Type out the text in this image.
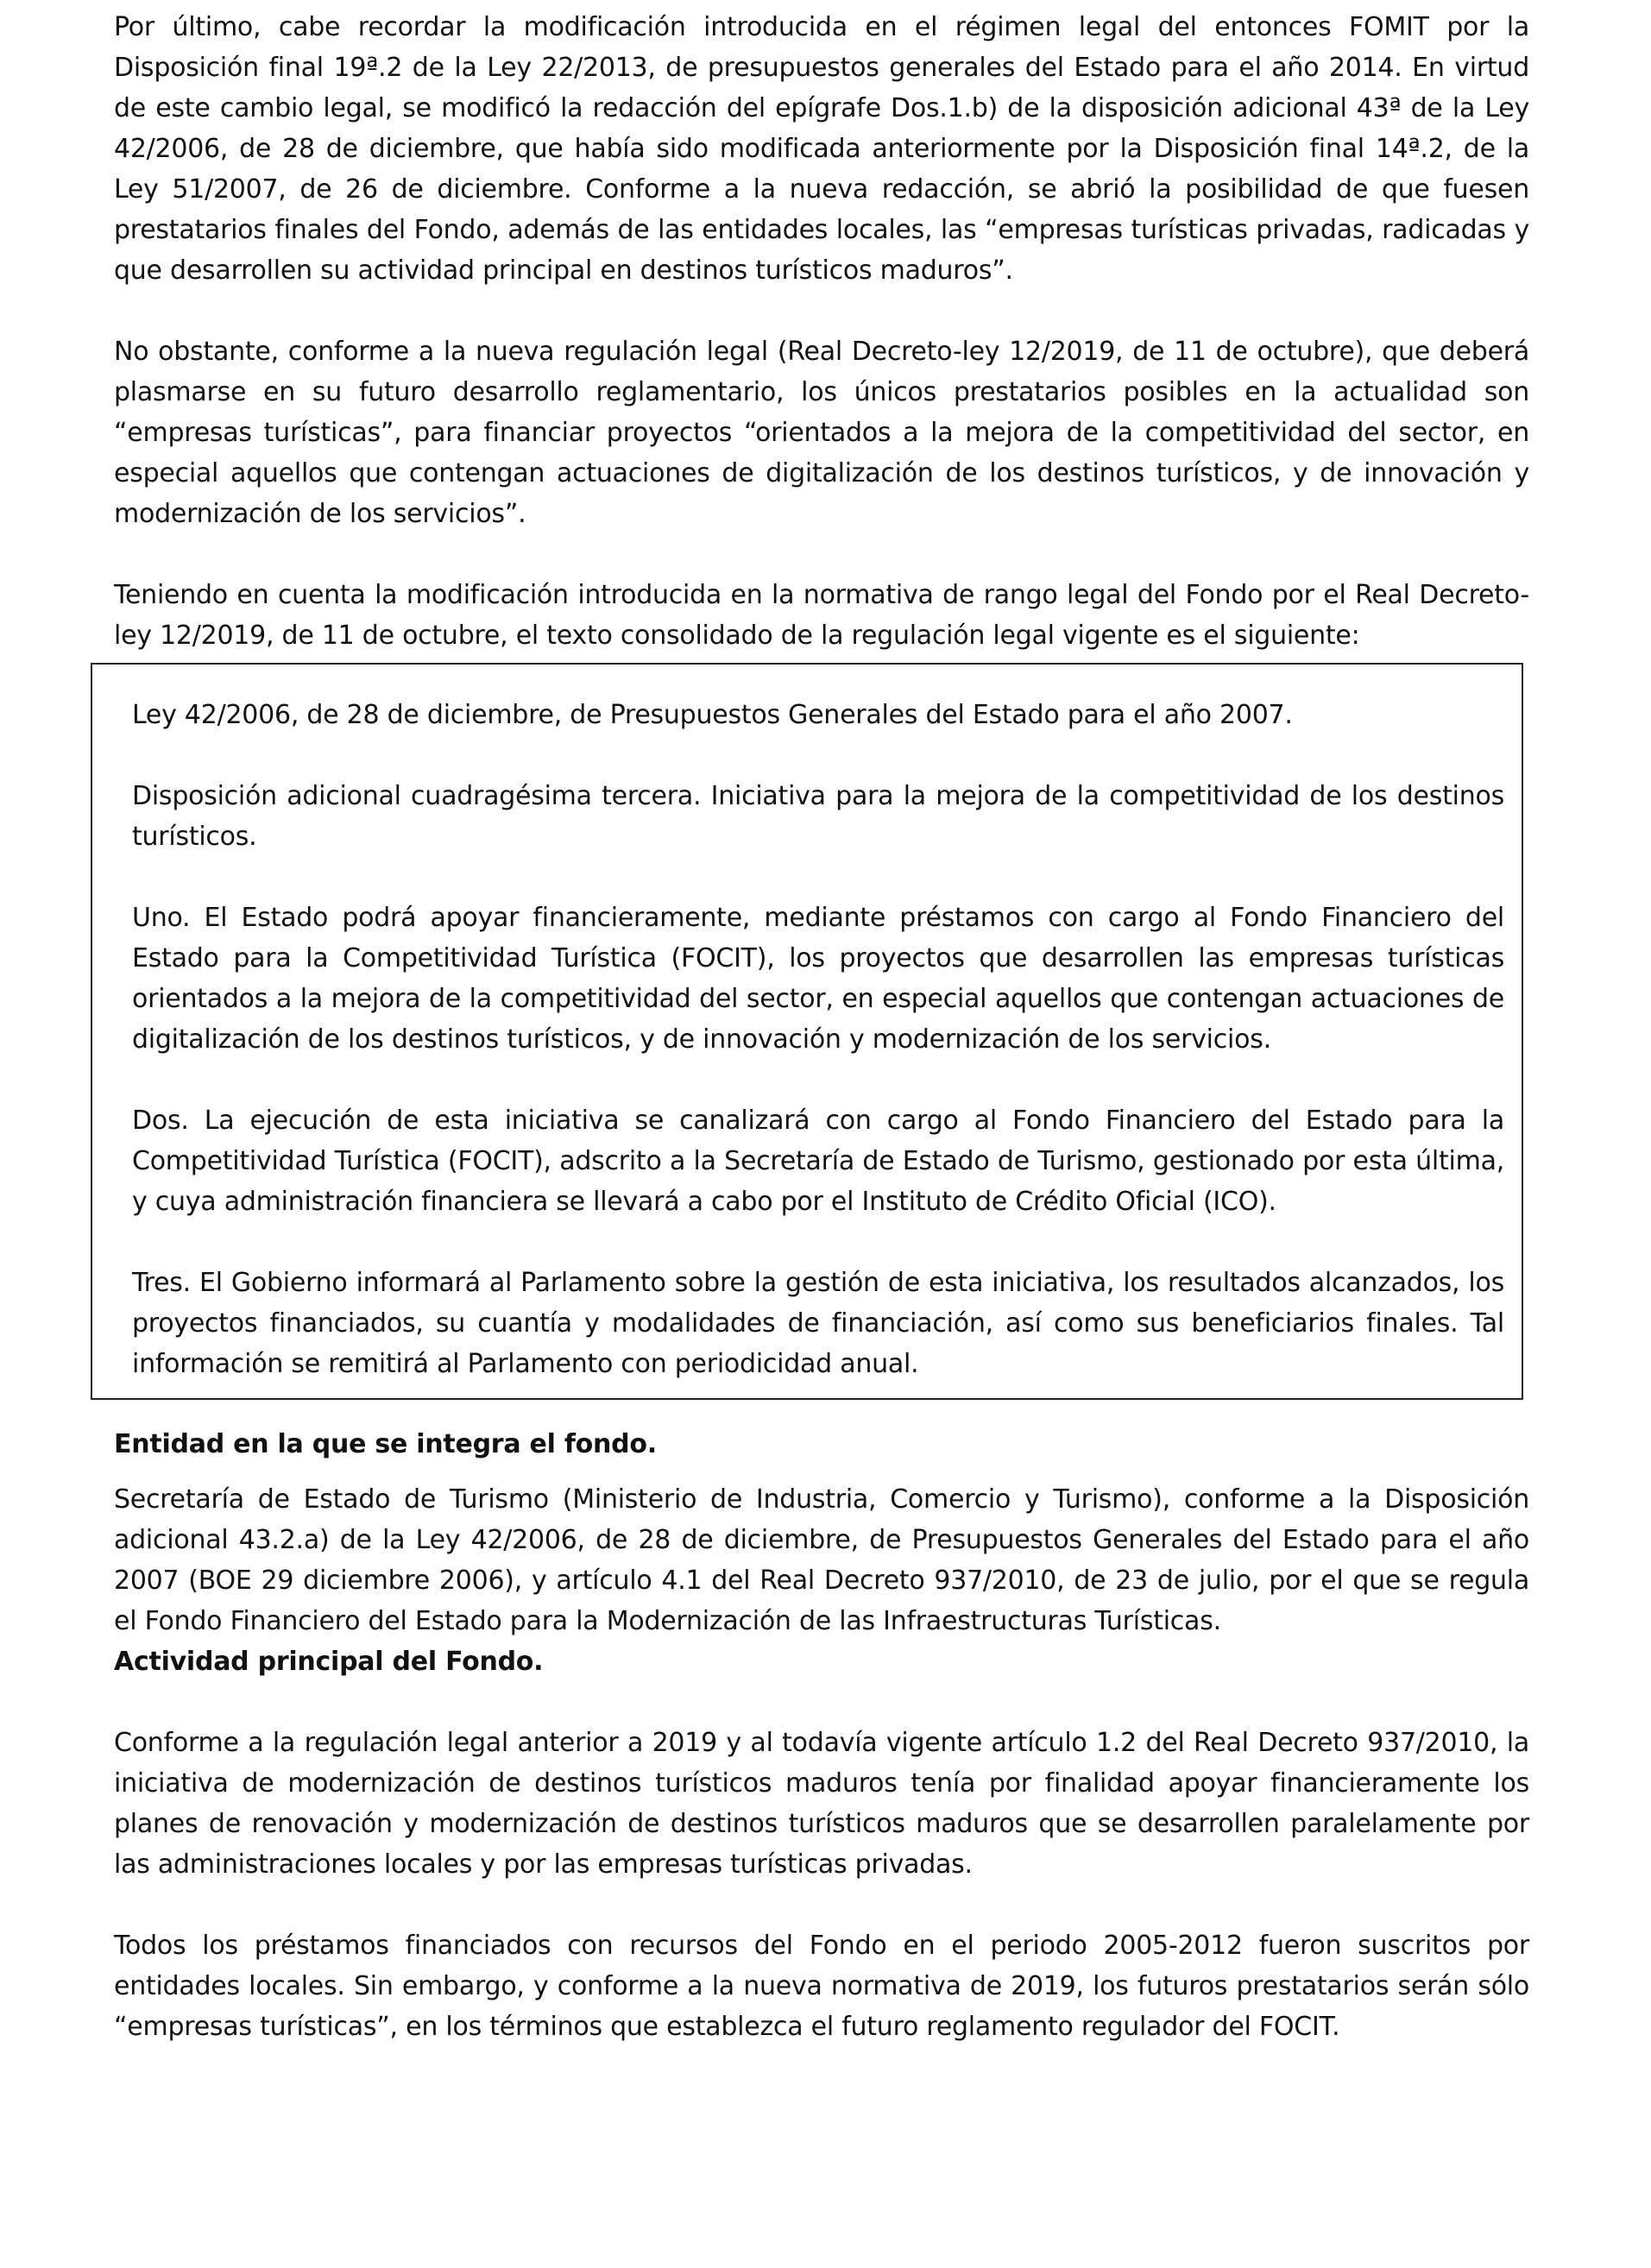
Por último, cabe recordar la modificación introducida en el régimen legal del entonces FOMIT por la Disposición final 19ª.2 de la Ley 22/2013, de presupuestos generales del Estado para el año 2014. En virtud de este cambio legal, se modificó la redacción del epígrafe Dos.1.b) de la disposición adicional 43ª de la Ley 42/2006, de 28 de diciembre, que había sido modificada anteriormente por la Disposición final 14ª.2, de la Ley 51/2007, de 26 de diciembre. Conforme a la nueva redacción, se abrió la posibilidad de que fuesen prestatarios finales del Fondo, además de las entidades locales, las “empresas turísticas privadas, radicadas y que desarrollen su actividad principal en destinos turísticos maduros”.

No obstante, conforme a la nueva regulación legal (Real Decreto-ley 12/2019, de 11 de octubre), que deberá plasmarse en su futuro desarrollo reglamentario, los únicos prestatarios posibles en la actualidad son “empresas turísticas”, para financiar proyectos “orientados a la mejora de la competitividad del sector, en especial aquellos que contengan actuaciones de digitalización de los destinos turísticos, y de innovación y modernización de los servicios”.

Teniendo en cuenta la modificación introducida en la normativa de rango legal del Fondo por el Real Decreto-ley 12/2019, de 11 de octubre, el texto consolidado de la regulación legal vigente es el siguiente:

Ley 42/2006, de 28 de diciembre, de Presupuestos Generales del Estado para el año 2007.

Disposición adicional cuadragésima tercera. Iniciativa para la mejora de la competitividad de los destinos turísticos.

Uno. El Estado podrá apoyar financieramente, mediante préstamos con cargo al Fondo Financiero del Estado para la Competitividad Turística (FOCIT), los proyectos que desarrollen las empresas turísticas orientados a la mejora de la competitividad del sector, en especial aquellos que contengan actuaciones de digitalización de los destinos turísticos, y de innovación y modernización de los servicios.

Dos. La ejecución de esta iniciativa se canalizará con cargo al Fondo Financiero del Estado para la Competitividad Turística (FOCIT), adscrito a la Secretaría de Estado de Turismo, gestionado por esta última, y cuya administración financiera se llevará a cabo por el Instituto de Crédito Oficial (ICO).

Tres. El Gobierno informará al Parlamento sobre la gestión de esta iniciativa, los resultados alcanzados, los proyectos financiados, su cuantía y modalidades de financiación, así como sus beneficiarios finales. Tal información se remitirá al Parlamento con periodicidad anual.

Entidad en la que se integra el fondo.

Secretaría de Estado de Turismo (Ministerio de Industria, Comercio y Turismo), conforme a la Disposición adicional 43.2.a) de la Ley 42/2006, de 28 de diciembre, de Presupuestos Generales del Estado para el año 2007 (BOE 29 diciembre 2006), y artículo 4.1 del Real Decreto 937/2010, de 23 de julio, por el que se regula el Fondo Financiero del Estado para la Modernización de las Infraestructuras Turísticas.

Actividad principal del Fondo.

Conforme a la regulación legal anterior a 2019 y al todavía vigente artículo 1.2 del Real Decreto 937/2010, la iniciativa de modernización de destinos turísticos maduros tenía por finalidad apoyar financieramente los planes de renovación y modernización de destinos turísticos maduros que se desarrollen paralelamente por las administraciones locales y por las empresas turísticas privadas.

Todos los préstamos financiados con recursos del Fondo en el periodo 2005-2012 fueron suscritos por entidades locales. Sin embargo, y conforme a la nueva normativa de 2019, los futuros prestatarios serán sólo “empresas turísticas”, en los términos que establezca el futuro reglamento regulador del FOCIT.
